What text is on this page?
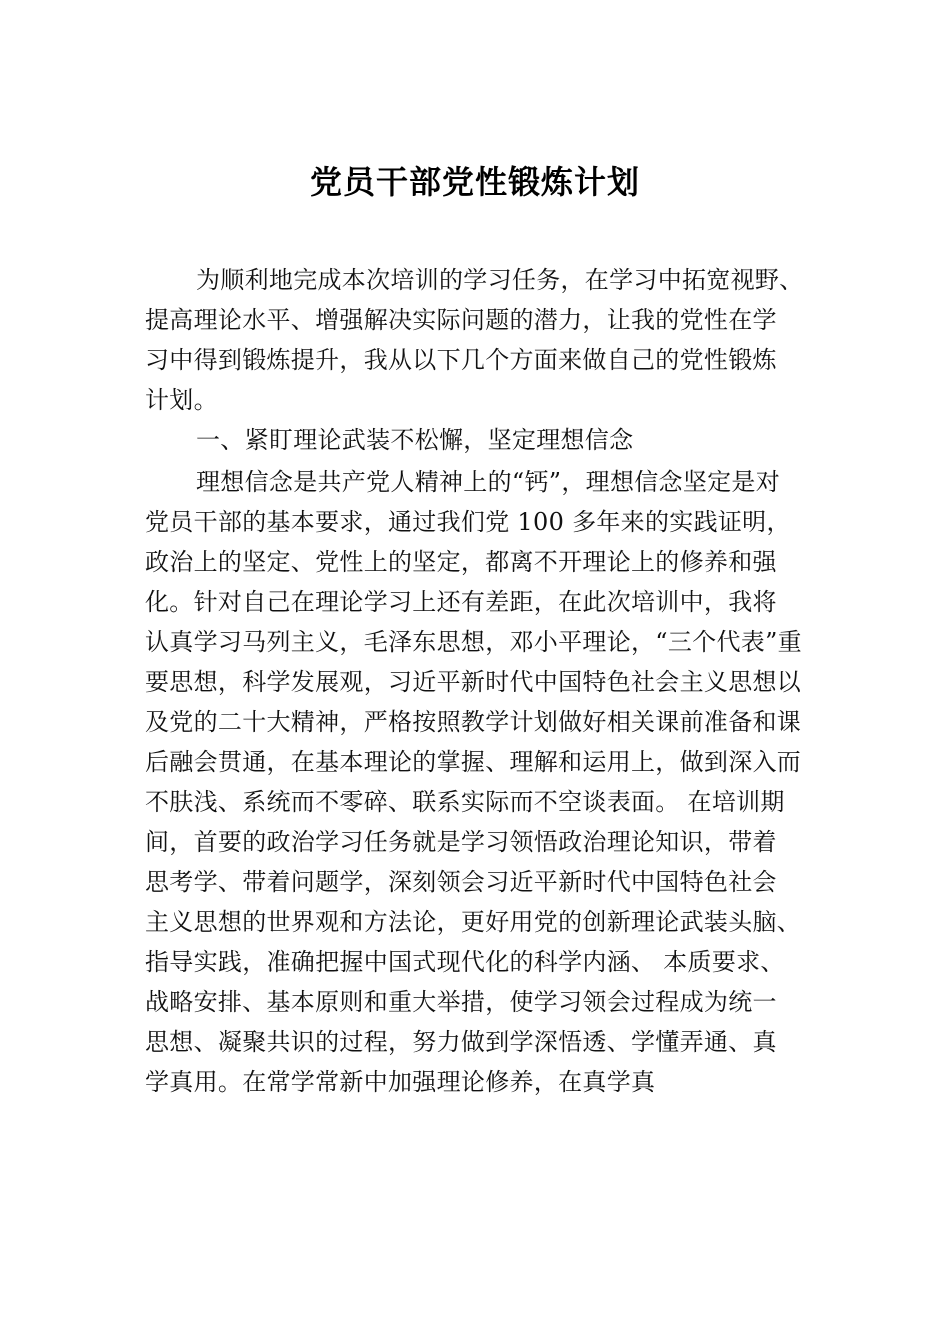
党员干部党性锻炼计划
为顺利地完成本次培训的学习任务，在学习中拓宽视野、
提高理论水平、增强解决实际问题的潜力，让我的党性在学
习中得到锻炼提升，我从以下几个方面来做自己的党性锻炼
计划。
一、紧盯理论武装不松懈，坚定理想信念
理想信念是共产党人精神上的“钙”，理想信念坚定是对
党员干部的基本要求，通过我们党 100 多年来的实践证明，
政治上的坚定、党性上的坚定，都离不开理论上的修养和强
化。针对自己在理论学习上还有差距，在此次培训中，我将
认真学习马列主义，毛泽东思想，邓小平理论，“三个代表”重
要思想，科学发展观，习近平新时代中国特色社会主义思想以
及党的二十大精神，严格按照教学计划做好相关课前准备和课
后融会贯通，在基本理论的掌握、理解和运用上，做到深入而
不肤浅、系统而不零碎、联系实际而不空谈表面。 在培训期
间，首要的政治学习任务就是学习领悟政治理论知识，带着
思考学、带着问题学，深刻领会习近平新时代中国特色社会
主义思想的世界观和方法论，更好用党的创新理论武装头脑、
指导实践，准确把握中国式现代化的科学内涵、 本质要求、
战略安排、基本原则和重大举措，使学习领会过程成为统一
思想、凝聚共识的过程，努力做到学深悟透、学懂弄通、真
学真用。在常学常新中加强理论修养，在真学真
